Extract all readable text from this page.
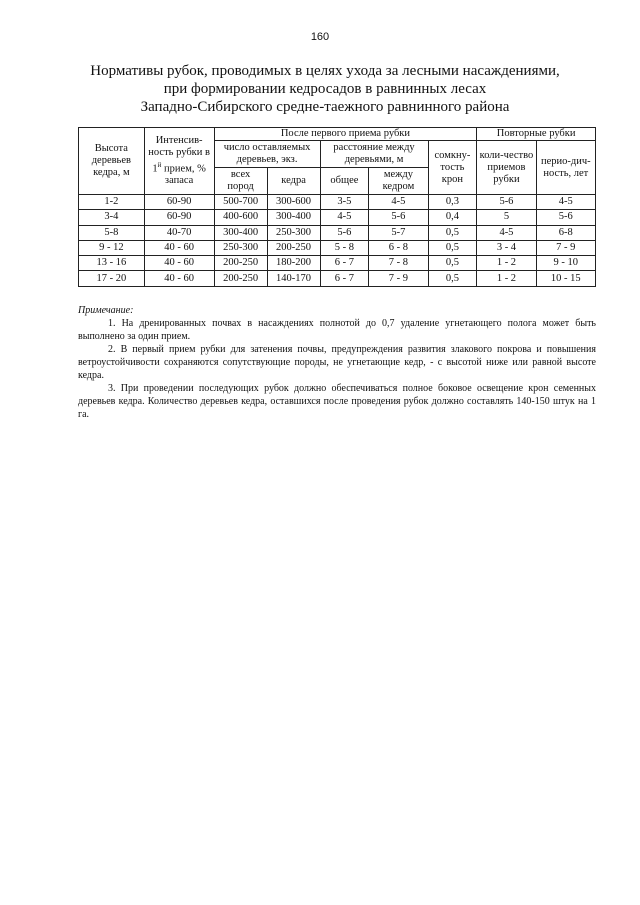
160
Нормативы рубок, проводимых в целях ухода за лесными насаждениями,
при формировании кедросадов в равнинных лесах
Западно-Сибирского средне-таежного равнинного района
Высота деревьев кедра, м	Интенсив-ность рубки в $1^й$ прием, % запаса	После первого приема рубки					Повторные рубки	
		число оставляемых деревьев, экз.		расстояние между деревьями, м		сомкну-тость крон	коли-чество приемов рубки	перио-дич-ность, лет
		всех пород	кедра	общее	между кедром			
1-2	60-90	500-700	300-600	3-5	4-5	0,3	5-6	4-5
3-4	60-90	400-600	300-400	4-5	5-6	0,4	5	5-6
5-8	40-70	300-400	250-300	5-6	5-7	0,5	4-5	6-8
9 - 12	40 - 60	250-300	200-250	5 - 8	6 - 8	0,5	3 - 4	7 - 9
13 - 16	40 - 60	200-250	180-200	6 - 7	7 - 8	0,5	1 - 2	9 - 10
17 - 20	40 - 60	200-250	140-170	6 - 7	7 - 9	0,5	1 - 2	10 - 15
Примечание:

1. На дренированных почвах в насаждениях полнотой до 0,7 удаление угнетающего полога может быть выполнено за один прием.

2. В первый прием рубки для затенения почвы, предупреждения развития злакового покрова и повышения ветроустойчивости сохраняются сопутствующие породы, не угнетающие кедр, - с высотой ниже или равной высоте кедра.

3. При проведении последующих рубок должно обеспечиваться полное боковое освещение крон семенных деревьев кедра. Количество деревьев кедра, оставшихся после проведения рубок должно составлять 140-150 штук на 1 га.
